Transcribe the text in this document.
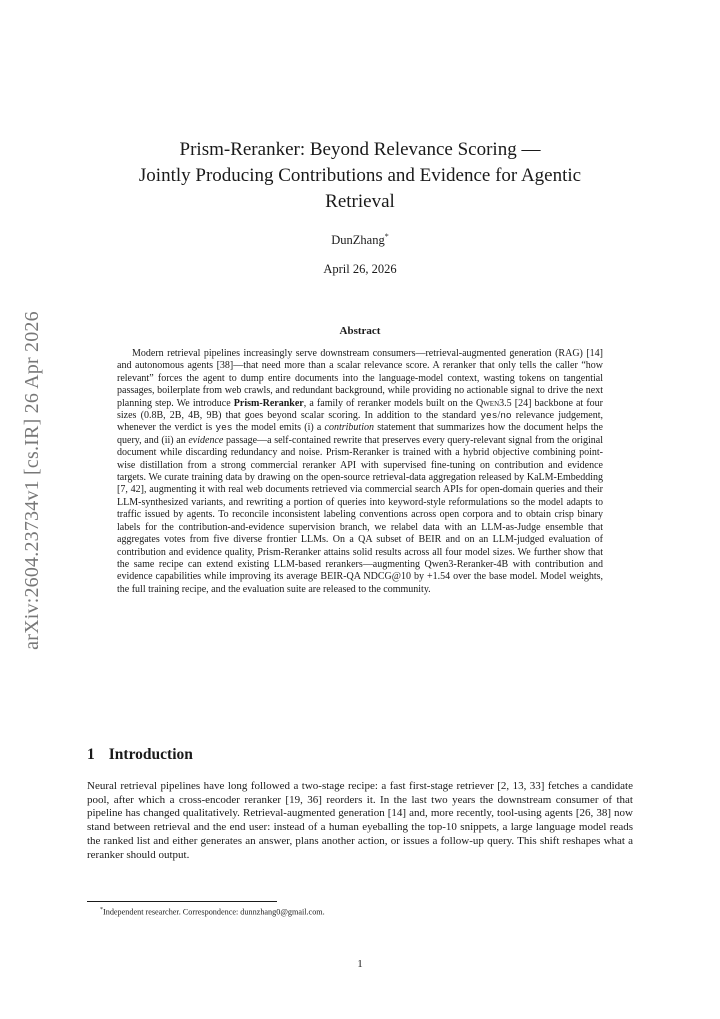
arXiv:2604.23734v1 [cs.IR] 26 Apr 2026
Prism-Reranker: Beyond Relevance Scoring —
Jointly Producing Contributions and Evidence for Agentic
Retrieval
DunZhang*
April 26, 2026
Abstract

Modern retrieval pipelines increasingly serve downstream consumers—retrieval-augmented generation (RAG) [14] and autonomous agents [38]—that need more than a scalar relevance score. A reranker that only tells the caller “how relevant” forces the agent to dump entire documents into the language-model context, wasting tokens on tangential passages, boilerplate from web crawls, and redundant background, while providing no actionable signal to drive the next planning step. We introduce Prism-Reranker, a family of reranker models built on the Qwen3.5 [24] backbone at four sizes (0.8B, 2B, 4B, 9B) that goes beyond scalar scoring. In addition to the standard yes/no relevance judgement, whenever the verdict is yes the model emits (i) a contribution statement that summarizes how the document helps the query, and (ii) an evidence passage—a self-contained rewrite that preserves every query-relevant signal from the original document while discarding redundancy and noise. Prism-Reranker is trained with a hybrid objective combining point-wise distillation from a strong commercial reranker API with supervised fine-tuning on contribution and evidence targets. We curate training data by drawing on the open-source retrieval-data aggregation released by KaLM-Embedding [7, 42], augmenting it with real web documents retrieved via commercial search APIs for open-domain queries and their LLM-synthesized variants, and rewriting a portion of queries into keyword-style reformulations so the model adapts to traffic issued by agents. To reconcile inconsistent labeling conventions across open corpora and to obtain crisp binary labels for the contribution-and-evidence supervision branch, we relabel data with an LLM-as-Judge ensemble that aggregates votes from five diverse frontier LLMs. On a QA subset of BEIR and on an LLM-judged evaluation of contribution and evidence quality, Prism-Reranker attains solid results across all four model sizes. We further show that the same recipe can extend existing LLM-based rerankers—augmenting Qwen3-Reranker-4B with contribution and evidence capabilities while improving its average BEIR-QA NDCG@10 by +1.54 over the base model. Model weights, the full training recipe, and the evaluation suite are released to the community.

1 Introduction

Neural retrieval pipelines have long followed a two-stage recipe: a fast first-stage retriever [2, 13, 33] fetches a candidate pool, after which a cross-encoder reranker [19, 36] reorders it. In the last two years the downstream consumer of that pipeline has changed qualitatively. Retrieval-augmented generation [14] and, more recently, tool-using agents [26, 38] now stand between retrieval and the end user: instead of a human eyeballing the top-10 snippets, a large language model reads the ranked list and either generates an answer, plans another action, or issues a follow-up query. This shift reshapes what a reranker should output.

*Independent researcher. Correspondence: dunnzhang0@gmail.com.
1
